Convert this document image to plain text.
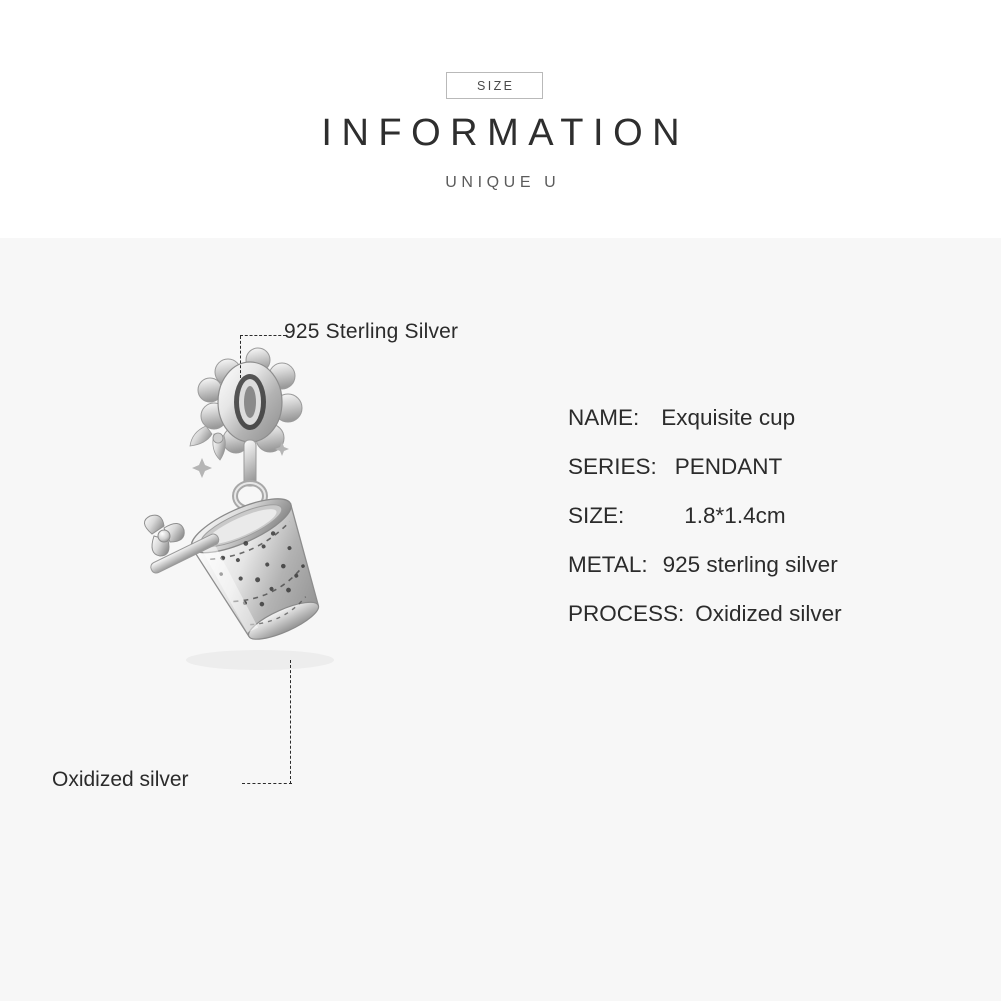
SIZE
INFORMATION
UNIQUE U
925 Sterling Silver
Oxidized silver
NAME: Exquisite cup
SERIES: PENDANT
SIZE:	1.8*1.4cm
METAL: 925 sterling silver
PROCESS: Oxidized silver
